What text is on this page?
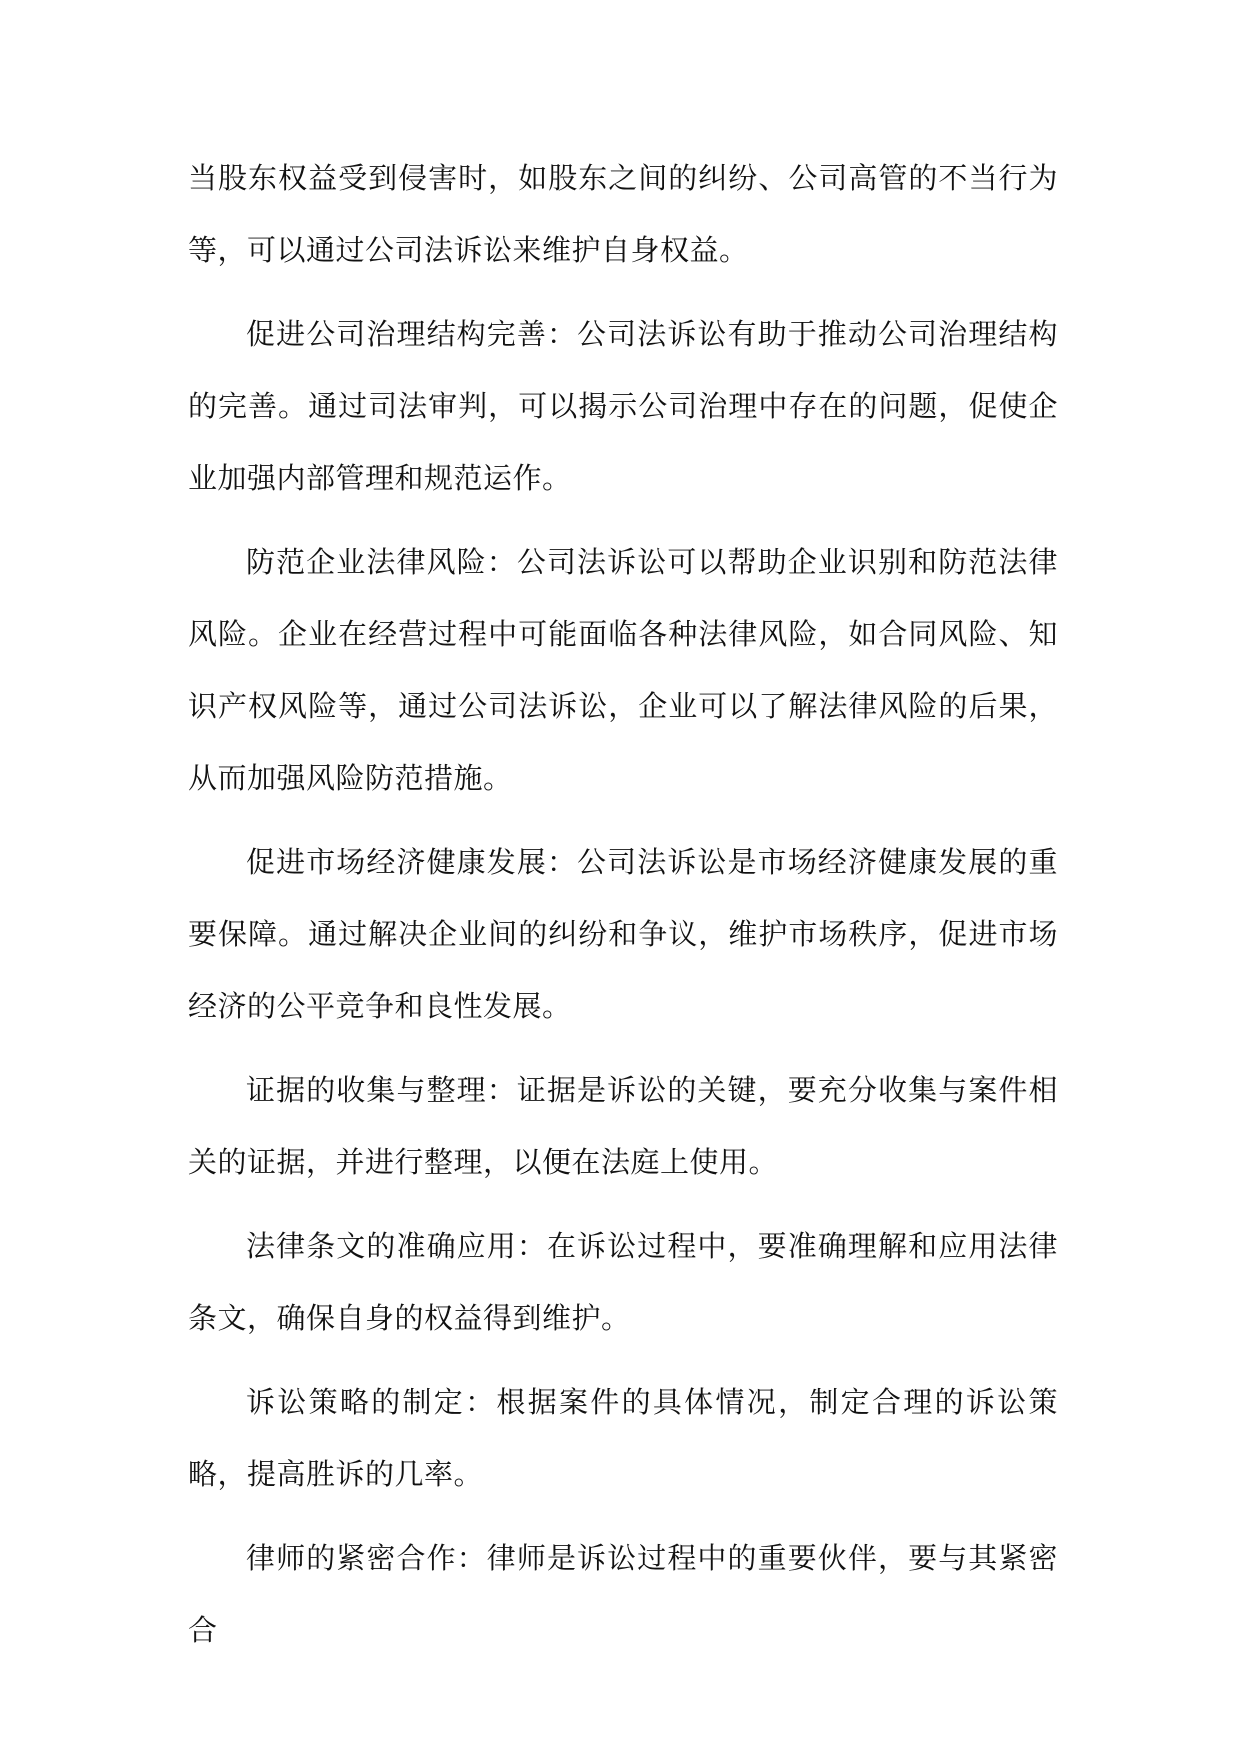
当股东权益受到侵害时，如股东之间的纠纷、公司高管的不当行为等，可以通过公司法诉讼来维护自身权益。

促进公司治理结构完善：公司法诉讼有助于推动公司治理结构的完善。通过司法审判，可以揭示公司治理中存在的问题，促使企业加强内部管理和规范运作。

防范企业法律风险：公司法诉讼可以帮助企业识别和防范法律风险。企业在经营过程中可能面临各种法律风险，如合同风险、知识产权风险等，通过公司法诉讼，企业可以了解法律风险的后果，从而加强风险防范措施。

促进市场经济健康发展：公司法诉讼是市场经济健康发展的重要保障。通过解决企业间的纠纷和争议，维护市场秩序，促进市场经济的公平竞争和良性发展。

证据的收集与整理：证据是诉讼的关键，要充分收集与案件相关的证据，并进行整理，以便在法庭上使用。

法律条文的准确应用：在诉讼过程中，要准确理解和应用法律条文，确保自身的权益得到维护。

诉讼策略的制定：根据案件的具体情况，制定合理的诉讼策略，提高胜诉的几率。

律师的紧密合作：律师是诉讼过程中的重要伙伴，要与其紧密合
